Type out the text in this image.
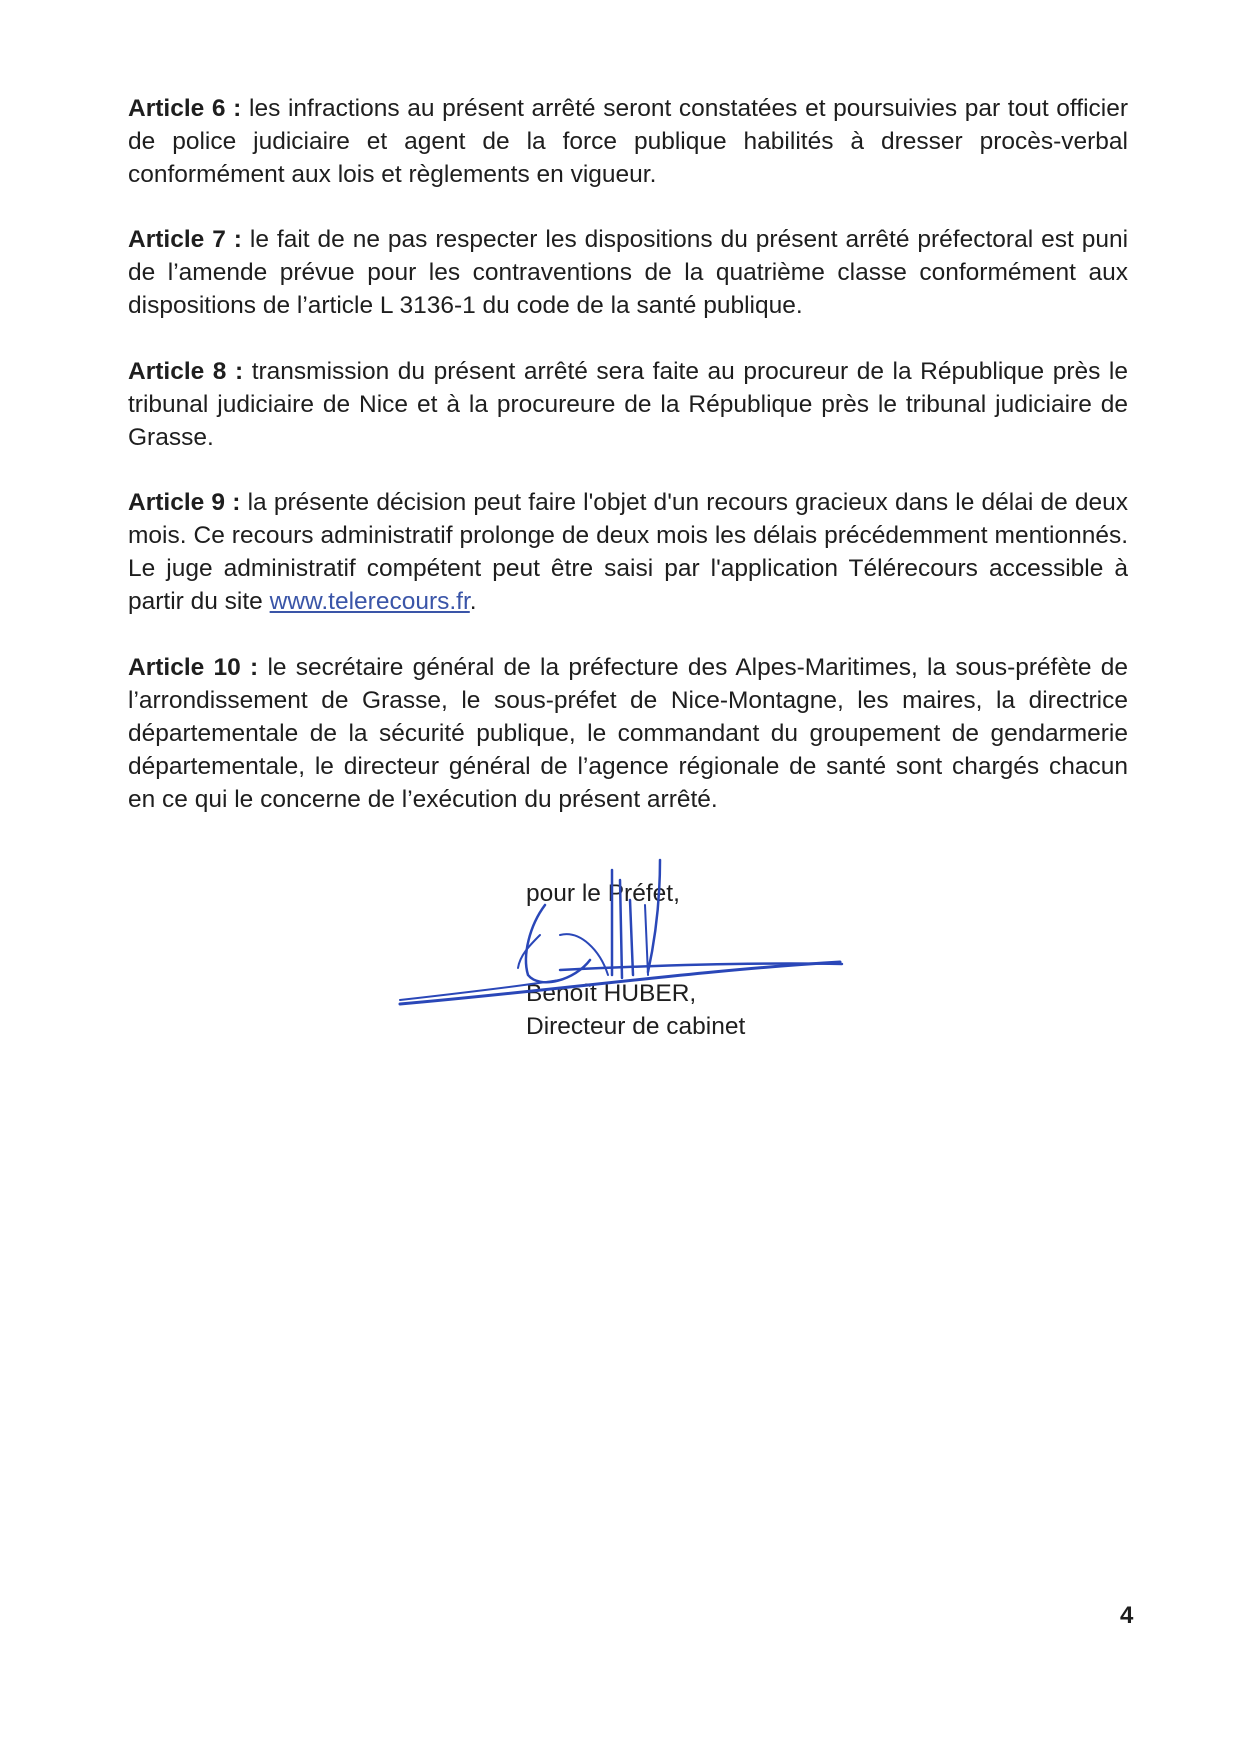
Article 6 : les infractions au présent arrêté seront constatées et poursuivies par tout officier de police judiciaire et agent de la force publique habilités à dresser procès-verbal conformément aux lois et règlements en vigueur.

Article 7 : le fait de ne pas respecter les dispositions du présent arrêté préfectoral est puni de l’amende prévue pour les contraventions de la quatrième classe conformément aux dispositions de l’article L 3136-1 du code de la santé publique.

Article 8 : transmission du présent arrêté sera faite au procureur de la République près le tribunal judiciaire de Nice et à la procureure de la République près le tribunal judiciaire de Grasse.

Article 9 : la présente décision peut faire l'objet d'un recours gracieux dans le délai de deux mois. Ce recours administratif prolonge de deux mois les délais précédemment mentionnés. Le juge administratif compétent peut être saisi par l'application Télérecours accessible à partir du site www.telerecours.fr.

Article 10 : le secrétaire général de la préfecture des Alpes-Maritimes, la sous-préfète de l’arrondissement de Grasse, le sous-préfet de Nice-Montagne, les maires, la directrice départementale de la sécurité publique, le commandant du groupement de gendarmerie départementale, le directeur général de l’agence régionale de santé sont chargés chacun en ce qui le concerne de l’exécution du présent arrêté.

pour le Préfet,
Benoît HUBER,
Directeur de cabinet
4
